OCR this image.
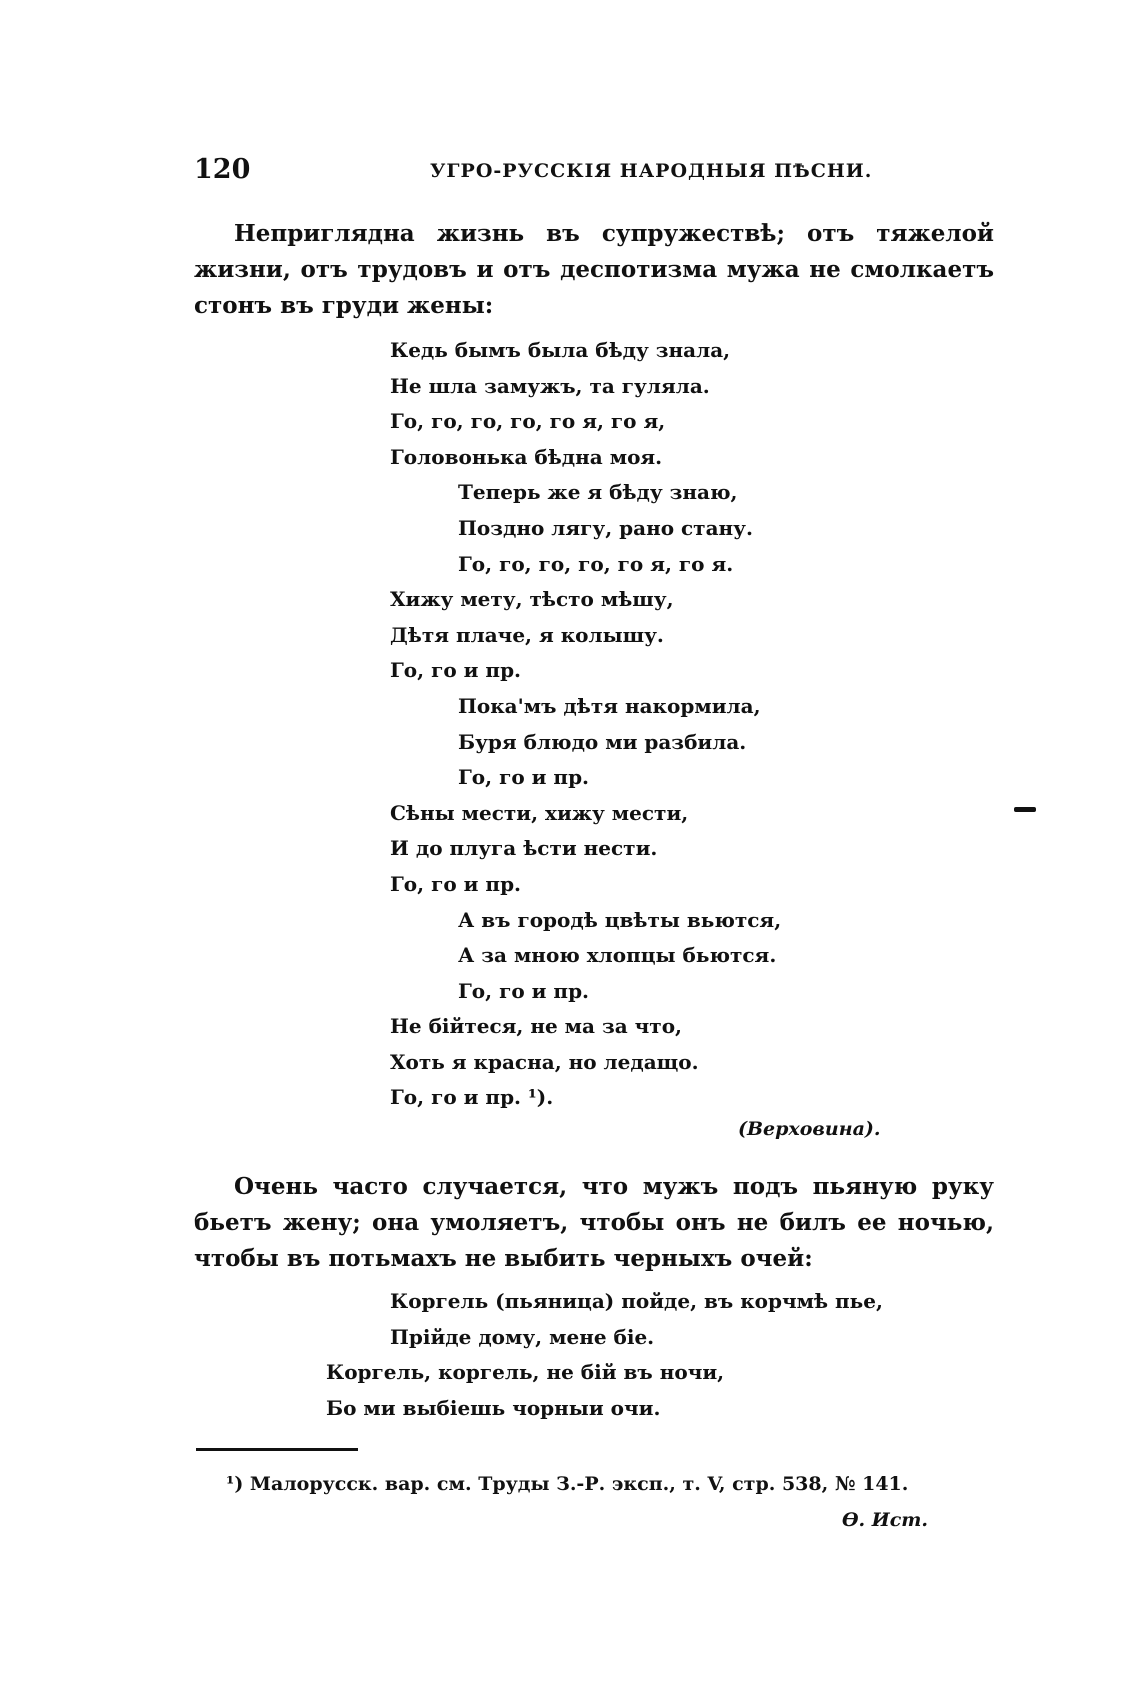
120	УГРО-РУССКІЯ НАРОДНЫЯ ПѢСНИ.

Неприглядна жизнь въ супружествѣ; отъ тяжелой жизни, отъ трудовъ и отъ деспотизма мужа не смолкаетъ стонъ въ груди жены:

Кедь бымъ была бѣду знала,
Не шла замужъ, та гуляла.
Го, го, го, го, го я, го я,
Головонька бѣдна моя.
Теперь же я бѣду знаю,
Поздно лягу, рано стану.
Го, го, го, го, го я, го я.
Хижу мету, тѣсто мѣшу,
Дѣтя плаче, я колышу.
Го, го и пр.
Пока'мъ дѣтя накормила,
Буря блюдо ми разбила.
Го, го и пр.
Сѣны мести, хижу мести,
И до плуга ѣсти нести.
Го, го и пр.
А въ городѣ цвѣты вьются,
А за мною хлопцы бьются.
Го, го и пр.
Не бійтеся, не ма за что,
Хоть я красна, но ледащо.
Го, го и пр. ¹).
(Верховина).

Очень часто случается, что мужъ подъ пьяную руку бьетъ жену; она умоляетъ, чтобы онъ не билъ ее ночью, чтобы въ потьмахъ не выбить черныхъ очей:

Коргель (пьяница) пойде, въ корчмѣ пье,
Прійде дому, мене біе.
Коргель, коргель, не бій въ ночи,
Бо ми выбіешь чорныи очи.
¹) Малорусск. вар. см. Труды З.-Р. эксп., т. V, стр. 538, № 141.
Ѳ. Ист.
